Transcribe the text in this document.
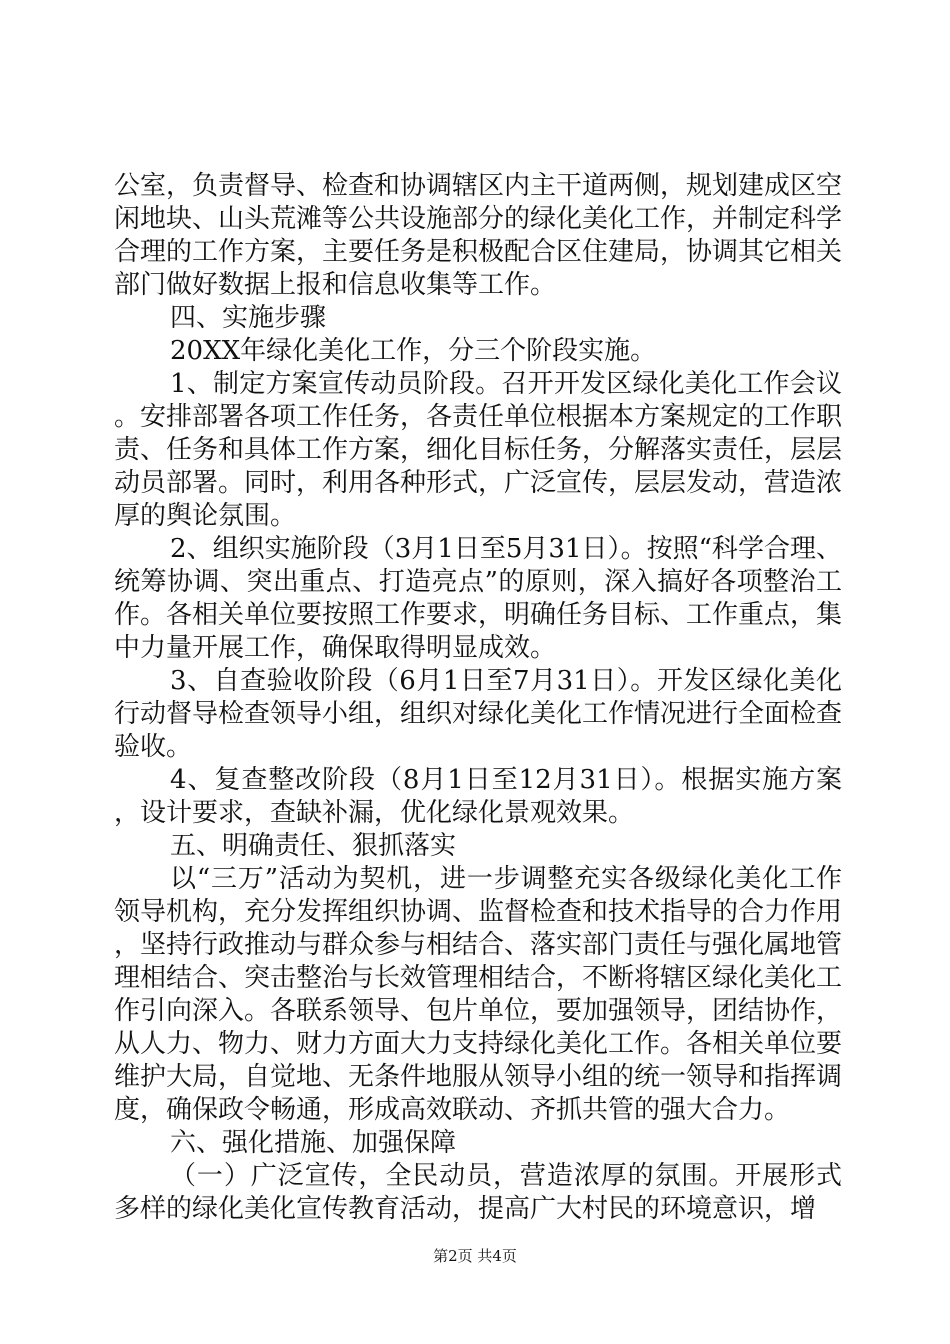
公室，负责督导、检查和协调辖区内主干道两侧，规划建成区空闲地块、山头荒滩等公共设施部分的绿化美化工作，并制定科学合理的工作方案，主要任务是积极配合区住建局，协调其它相关部门做好数据上报和信息收集等工作。

四、实施步骤

20XX年绿化美化工作，分三个阶段实施。

1、制定方案宣传动员阶段。召开开发区绿化美化工作会议。安排部署各项工作任务，各责任单位根据本方案规定的工作职责、任务和具体工作方案，细化目标任务，分解落实责任，层层动员部署。同时，利用各种形式，广泛宣传，层层发动，营造浓厚的舆论氛围。

2、组织实施阶段（3月1日至5月31日）。按照“科学合理、统筹协调、突出重点、打造亮点”的原则，深入搞好各项整治工作。各相关单位要按照工作要求，明确任务目标、工作重点，集中力量开展工作，确保取得明显成效。

3、自查验收阶段（6月1日至7月31日）。开发区绿化美化行动督导检查领导小组，组织对绿化美化工作情况进行全面检查验收。

4、复查整改阶段（8月1日至12月31日）。根据实施方案，设计要求，查缺补漏，优化绿化景观效果。

五、明确责任、狠抓落实

以“三万”活动为契机，进一步调整充实各级绿化美化工作领导机构，充分发挥组织协调、监督检查和技术指导的合力作用，坚持行政推动与群众参与相结合、落实部门责任与强化属地管理相结合、突击整治与长效管理相结合，不断将辖区绿化美化工作引向深入。各联系领导、包片单位，要加强领导，团结协作，从人力、物力、财力方面大力支持绿化美化工作。各相关单位要维护大局，自觉地、无条件地服从领导小组的统一领导和指挥调度，确保政令畅通，形成高效联动、齐抓共管的强大合力。

六、强化措施、加强保障

（一）广泛宣传，全民动员，营造浓厚的氛围。开展形式多样的绿化美化宣传教育活动，提高广大村民的环境意识，增

第2页 共4页
